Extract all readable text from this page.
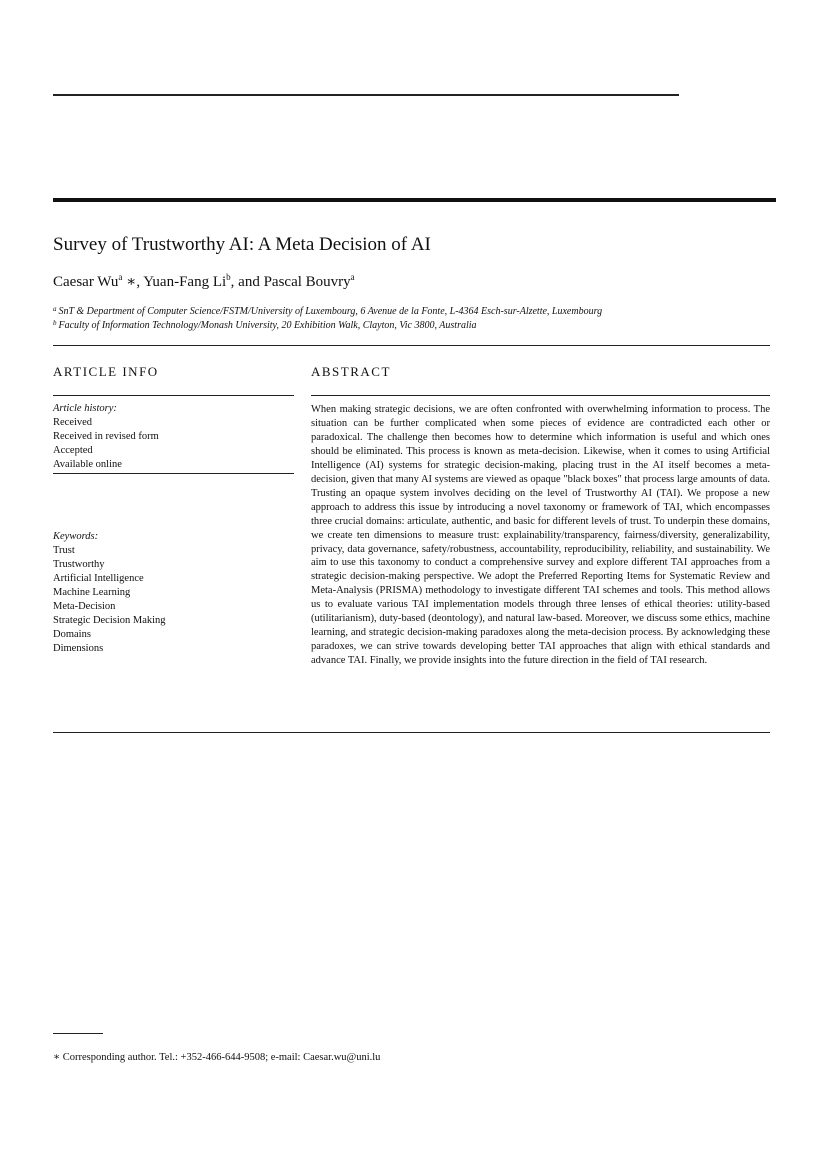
Survey of Trustworthy AI: A Meta Decision of AI
Caesar Wu$^a$ ∗, Yuan-Fang Li$^b$, and Pascal Bouvry$^a$
$^a$ SnT & Department of Computer Science/FSTM/University of Luxembourg, 6 Avenue de la Fonte, L-4364 Esch-sur-Alzette, Luxembourg
$^b$ Faculty of Information Technology/Monash University, 20 Exhibition Walk, Clayton, Vic 3800, Australia
ARTICLE INFO	ABSTRACT
Article history:
Received
Received in revised form
Accepted
Available online
Keywords:
Trust
Trustworthy
Artificial Intelligence
Machine Learning
Meta-Decision
Strategic Decision Making
Domains
Dimensions
When making strategic decisions, we are often confronted with overwhelming information to process. The situation can be further complicated when some pieces of evidence are contradicted each other or paradoxical. The challenge then becomes how to determine which information is useful and which ones should be eliminated. This process is known as meta-decision. Likewise, when it comes to using Artificial Intelligence (AI) systems for strategic decision-making, placing trust in the AI itself becomes a meta-decision, given that many AI systems are viewed as opaque "black boxes" that process large amounts of data. Trusting an opaque system involves deciding on the level of Trustworthy AI (TAI). We propose a new approach to address this issue by introducing a novel taxonomy or framework of TAI, which encompasses three crucial domains: articulate, authentic, and basic for different levels of trust. To underpin these domains, we create ten dimensions to measure trust: explainability/transparency, fairness/diversity, generalizability, privacy, data governance, safety/robustness, accountability, reproducibility, reliability, and sustainability. We aim to use this taxonomy to conduct a comprehensive survey and explore different TAI approaches from a strategic decision-making perspective. We adopt the Preferred Reporting Items for Systematic Review and Meta-Analysis (PRISMA) methodology to investigate different TAI schemes and tools. This method allows us to evaluate various TAI implementation models through three lenses of ethical theories: utility-based (utilitarianism), duty-based (deontology), and natural law-based. Moreover, we discuss some ethics, machine learning, and strategic decision-making paradoxes along the meta-decision process. By acknowledging these paradoxes, we can strive towards developing better TAI approaches that align with ethical standards and advance TAI. Finally, we provide insights into the future direction in the field of TAI research.
∗ Corresponding author. Tel.: +352-466-644-9508; e-mail: Caesar.wu@uni.lu
